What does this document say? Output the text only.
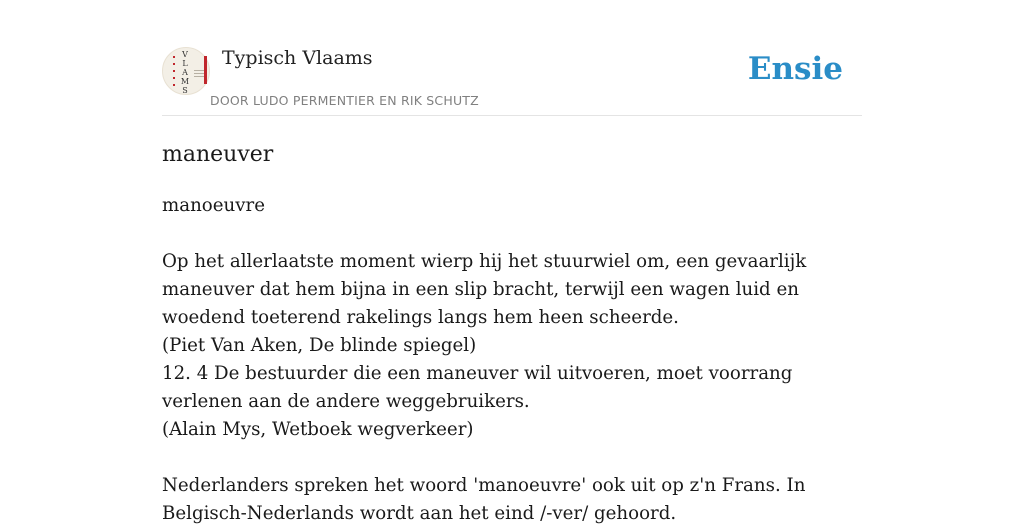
V
L
A
M
S
Typisch Vlaams
DOOR LUDO PERMENTIER EN RIK SCHUTZ
Ensie
maneuver

manoeuvre

Op het allerlaatste moment wierp hij het stuurwiel om, een gevaarlijk maneuver dat hem bijna in een slip bracht, terwijl een wagen luid en woedend toeterend rakelings langs hem heen scheerde.

(Piet Van Aken, De blinde spiegel)

12. 4 De bestuurder die een maneuver wil uitvoeren, moet voorrang verlenen aan de andere weggebruikers.

(Alain Mys, Wetboek wegverkeer)

Nederlanders spreken het woord 'manoeuvre' ook uit op z'n Frans. In Belgisch-Nederlands wordt aan het eind /-ver/ gehoord.
